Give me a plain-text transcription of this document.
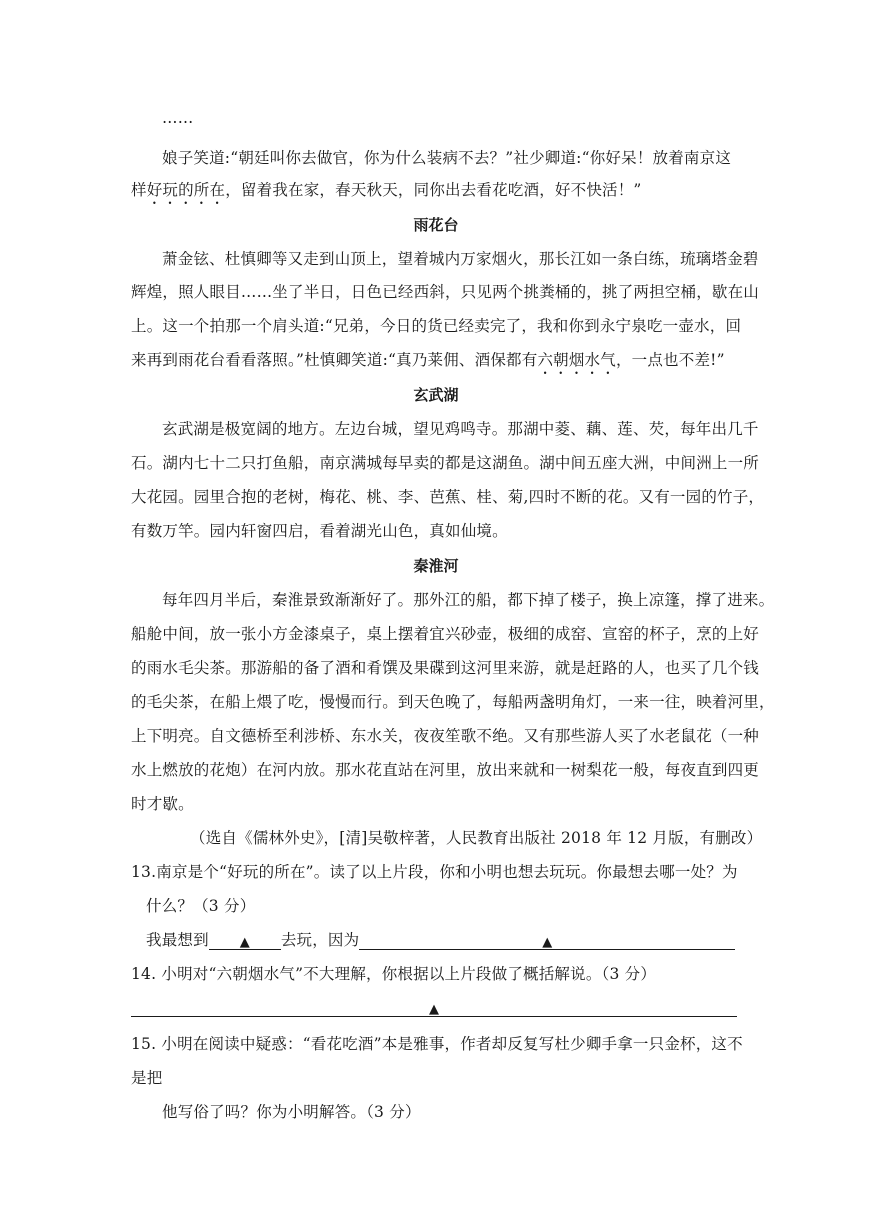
……
娘子笑道:“朝廷叫你去做官，你为什么装病不去？”社少卿道:“你好呆！放着南京这
样好玩的所在，留着我在家，春天秋天，同你出去看花吃酒，好不快活！”
雨花台
萧金铉、杜慎卿等又走到山顶上，望着城内万家烟火，那长江如一条白练，琉璃塔金碧
辉煌，照人眼目……坐了半日，日色已经西斜，只见两个挑粪桶的，挑了两担空桶，歇在山
上。这一个拍那一个肩头道:“兄弟，今日的货已经卖完了，我和你到永宁泉吃一壶水，回
来再到雨花台看看落照。”杜慎卿笑道:“真乃莱佣、酒保都有六朝烟水气，一点也不差!”
玄武湖
玄武湖是极宽阔的地方。左边台城，望见鸡鸣寺。那湖中菱、藕、莲、芡，每年出几千
石。湖内七十二只打鱼船，南京满城每早卖的都是这湖鱼。湖中间五座大洲，中间洲上一所
大花园。园里合抱的老树，梅花、桃、李、芭蕉、桂、菊,四时不断的花。又有一园的竹子，
有数万竿。园内轩窗四启，看着湖光山色，真如仙境。
秦淮河
每年四月半后，秦淮景致渐渐好了。那外江的船，都下掉了楼子，换上凉篷，撑了进来。
船舱中间，放一张小方金漆桌子，桌上摆着宜兴砂壶，极细的成窑、宣窑的杯子，烹的上好
的雨水毛尖茶。那游船的备了酒和肴馔及果碟到这河里来游，就是赶路的人，也买了几个钱
的毛尖茶，在船上煨了吃，慢慢而行。到天色晚了，每船两盏明角灯，一来一往，映着河里，
上下明亮。自文德桥至利涉桥、东水关，夜夜笙歌不绝。又有那些游人买了水老鼠花（一种
水上燃放的花炮）在河内放。那水花直站在河里，放出来就和一树梨花一般，每夜直到四更
时才歇。
（选自《儒林外史》，[清]吴敬梓著，人民教育出版社 2018 年 12 月版，有删改）
13.南京是个“好玩的所在”。读了以上片段，你和小明也想去玩玩。你最想去哪一处？为
什么？（3 分）
我最想到 ▲ 去玩，因为	▲
14. 小明对“六朝烟水气”不大理解，你根据以上片段做了概括解说。（3 分）
▲
15. 小明在阅读中疑惑：“看花吃酒”本是雅事，作者却反复写杜少卿手拿一只金杯，这不
是把
他写俗了吗？你为小明解答。（3 分）
